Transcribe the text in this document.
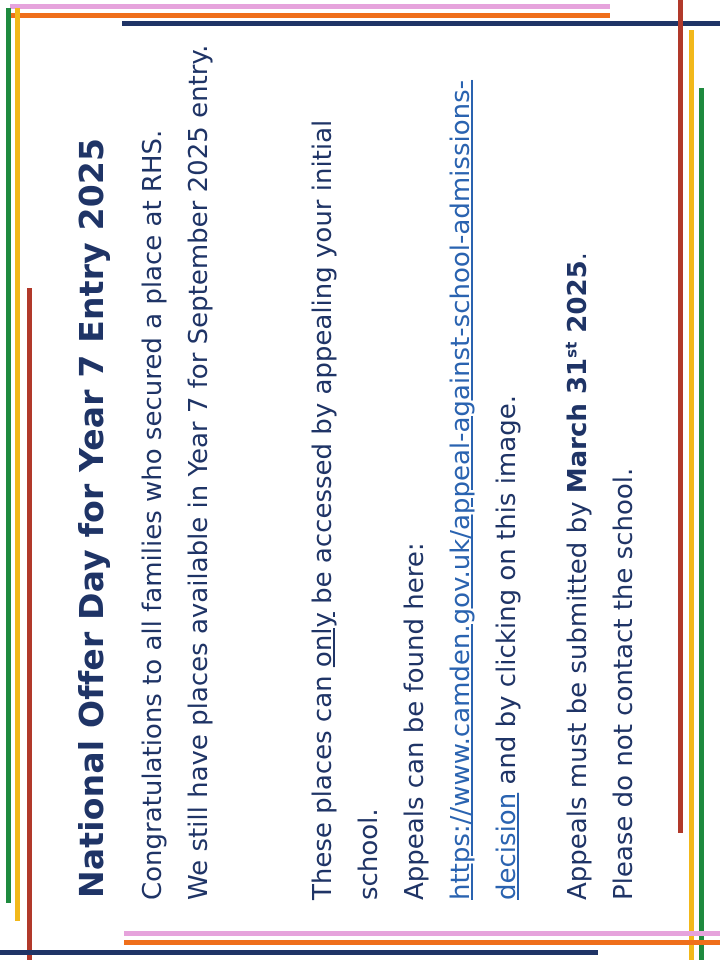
National Offer Day for Year 7 Entry 2025	Congratulations to all families who secured a place at RHS. We still have places available in Year 7 for September 2025 entry.	These places can only be accessed by appealing your initial school. Appeals can be found here: https://www.camden.gov.uk/appeal-against-school-admissions-decision and by clicking on this image.	Appeals must be submitted by March 31st 2025.

Please do not contact the school.
